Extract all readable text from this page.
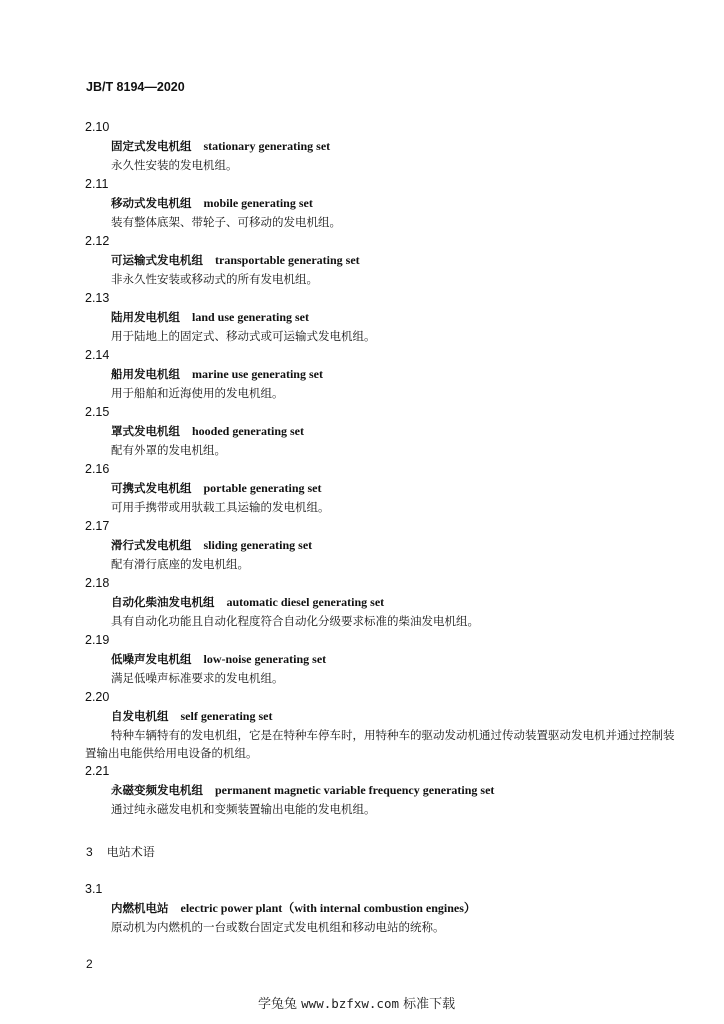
JB/T 8194—2020
2.10
固定式发电机组 stationary generating set
永久性安装的发电机组。
2.11
移动式发电机组 mobile generating set
装有整体底架、带轮子、可移动的发电机组。
2.12
可运输式发电机组 transportable generating set
非永久性安装或移动式的所有发电机组。
2.13
陆用发电机组 land use generating set
用于陆地上的固定式、移动式或可运输式发电机组。
2.14
船用发电机组 marine use generating set
用于船舶和近海使用的发电机组。
2.15
罩式发电机组 hooded generating set
配有外罩的发电机组。
2.16
可携式发电机组 portable generating set
可用手携带或用驮载工具运输的发电机组。
2.17
滑行式发电机组 sliding generating set
配有滑行底座的发电机组。
2.18
自动化柴油发电机组 automatic diesel generating set
具有自动化功能且自动化程度符合自动化分级要求标准的柴油发电机组。
2.19
低噪声发电机组 low-noise generating set
满足低噪声标准要求的发电机组。
2.20
自发电机组 self generating set
特种车辆特有的发电机组，它是在特种车停车时，用特种车的驱动发动机通过传动装置驱动发电机并通过控制装置输出电能供给用电设备的机组。
2.21
永磁变频发电机组 permanent magnetic variable frequency generating set
通过纯永磁发电机和变频装置输出电能的发电机组。
3 电站术语
3.1
内燃机电站 electric power plant（with internal combustion engines）
原动机为内燃机的一台或数台固定式发电机组和移动电站的统称。
2
学兔兔 www.bzfxw.com 标准下载
